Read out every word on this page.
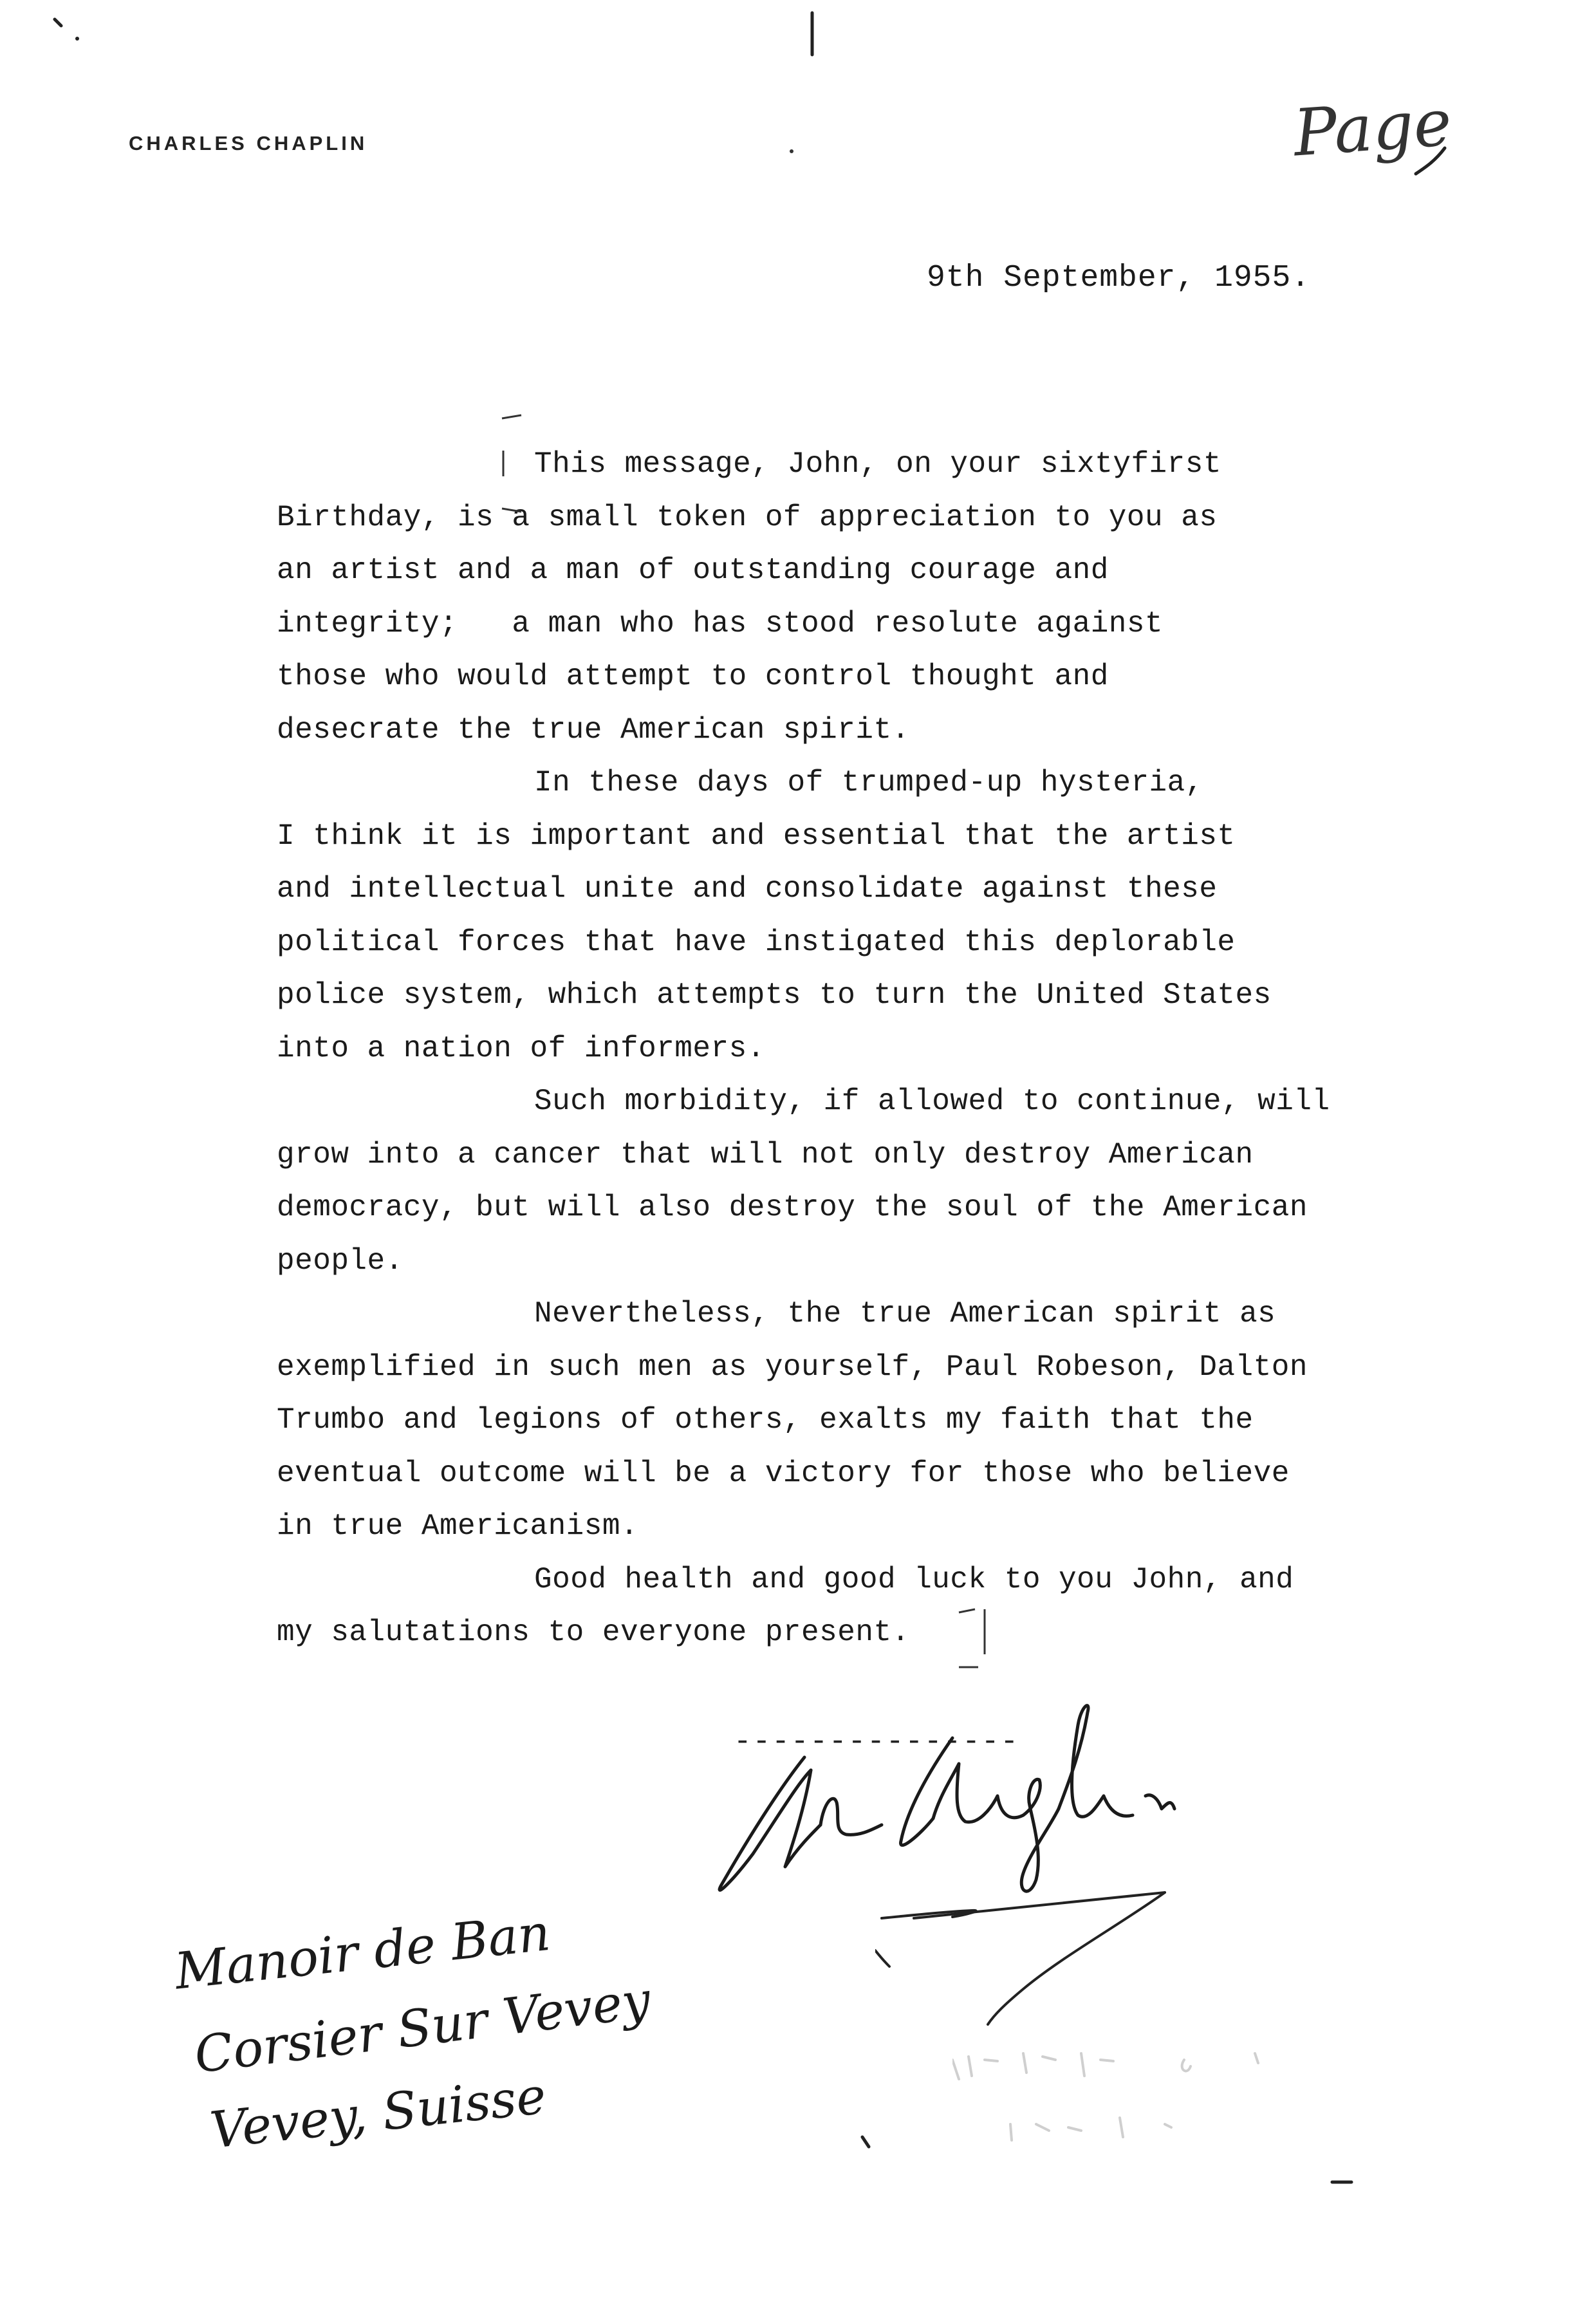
CHARLES CHAPLIN	Page
9th September, 1955.

This message, John, on your sixtyfirst
Birthday, is a small token of appreciation to you as
an artist and a man of outstanding courage and
integrity;   a man who has stood resolute against
those who would attempt to control thought and
desecrate the true American spirit.

In these days of trumped-up hysteria,
I think it is important and essential that the artist
and intellectual unite and consolidate against these
political forces that have instigated this deplorable
police system, which attempts to turn the United States
into a nation of informers.

Such morbidity, if allowed to continue, will
grow into a cancer that will not only destroy American
democracy, but will also destroy the soul of the American
people.

Nevertheless, the true American spirit as
exemplified in such men as yourself, Paul Robeson, Dalton
Trumbo and legions of others, exalts my faith that the
eventual outcome will be a victory for those who believe
in true Americanism.

Good health and good luck to you John, and
my salutations to everyone present.

---------------
Manoir de Ban
Corsier Sur Vevey
Vevey, Suisse
